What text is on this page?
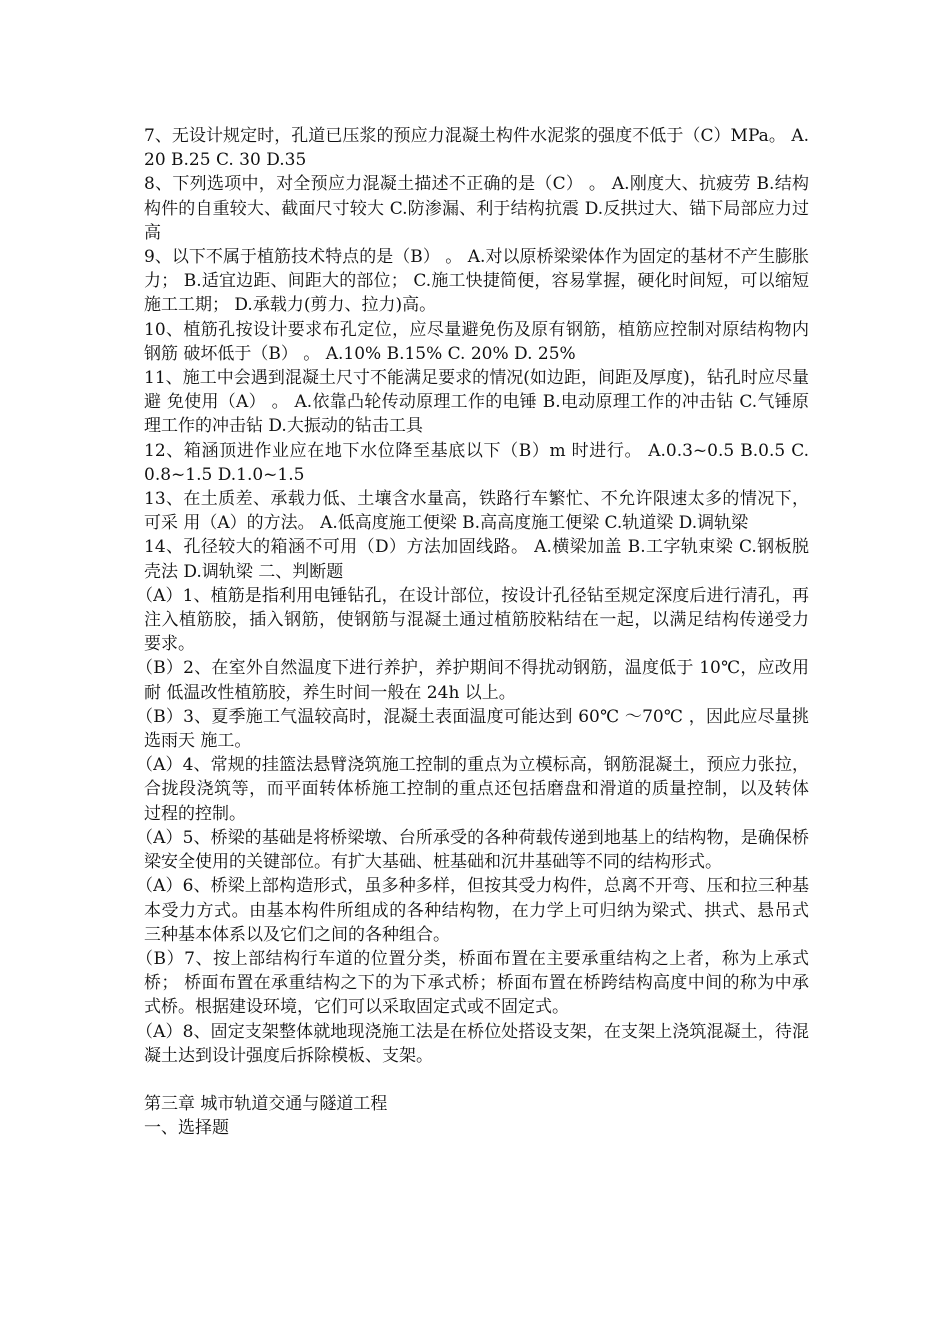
7、无设计规定时，孔道已压浆的预应力混凝土构件水泥浆的强度不低于（C）MPa。 A.20 B.25 C. 30 D.35

8、下列选项中，对全预应力混凝土描述不正确的是（C） 。 A.刚度大、抗疲劳 B.结构构件的自重较大、截面尺寸较大 C.防渗漏、利于结构抗震 D.反拱过大、锚下局部应力过高

9、以下不属于植筋技术特点的是（B） 。 A.对以原桥梁梁体作为固定的基材不产生膨胀力； B.适宜边距、间距大的部位； C.施工快捷简便，容易掌握，硬化时间短，可以缩短施工工期； D.承载力(剪力、拉力)高。

10、植筋孔按设计要求布孔定位，应尽量避免伤及原有钢筋，植筋应控制对原结构物内钢筋 破坏低于（B） 。 A.10% B.15% C. 20% D. 25%

11、施工中会遇到混凝土尺寸不能满足要求的情况(如边距，间距及厚度)，钻孔时应尽量避 免使用（A） 。 A.依靠凸轮传动原理工作的电锤 B.电动原理工作的冲击钻 C.气锤原理工作的冲击钻 D.大振动的钻击工具

12、箱涵顶进作业应在地下水位降至基底以下（B）m 时进行。 A.0.3~0.5 B.0.5 C. 0.8~1.5 D.1.0~1.5

13、在土质差、承载力低、土壤含水量高，铁路行车繁忙、不允许限速太多的情况下，可采 用（A）的方法。 A.低高度施工便梁 B.高高度施工便梁 C.轨道梁 D.调轨梁

14、孔径较大的箱涵不可用（D）方法加固线路。 A.横梁加盖 B.工字轨束梁 C.钢板脱壳法 D.调轨梁 二、判断题

（A）1、植筋是指利用电锤钻孔，在设计部位，按设计孔径钻至规定深度后进行清孔，再 注入植筋胶，插入钢筋，使钢筋与混凝土通过植筋胶粘结在一起，以满足结构传递受力 要求。

（B）2、在室外自然温度下进行养护，养护期间不得扰动钢筋，温度低于 10℃，应改用耐 低温改性植筋胶，养生时间一般在 24h 以上。

（B）3、夏季施工气温较高时，混凝土表面温度可能达到 60℃ ～70℃ ，因此应尽量挑选雨天 施工。

（A）4、常规的挂篮法悬臂浇筑施工控制的重点为立模标高，钢筋混凝土，预应力张拉， 合拢段浇筑等，而平面转体桥施工控制的重点还包括磨盘和滑道的质量控制，以及转体 过程的控制。

（A）5、桥梁的基础是将桥梁墩、台所承受的各种荷载传递到地基上的结构物，是确保桥 梁安全使用的关键部位。有扩大基础、桩基础和沉井基础等不同的结构形式。

（A）6、桥梁上部构造形式，虽多种多样，但按其受力构件，总离不开弯、压和拉三种基 本受力方式。由基本构件所组成的各种结构物，在力学上可归纳为梁式、拱式、悬吊式 三种基本体系以及它们之间的各种组合。

（B）7、按上部结构行车道的位置分类，桥面布置在主要承重结构之上者，称为上承式桥； 桥面布置在承重结构之下的为下承式桥；桥面布置在桥跨结构高度中间的称为中承式桥。根据建设环境，它们可以采取固定式或不固定式。

（A）8、固定支架整体就地现浇施工法是在桥位处搭设支架，在支架上浇筑混凝土，待混 凝土达到设计强度后拆除模板、支架。

第三章 城市轨道交通与隧道工程

一、选择题
